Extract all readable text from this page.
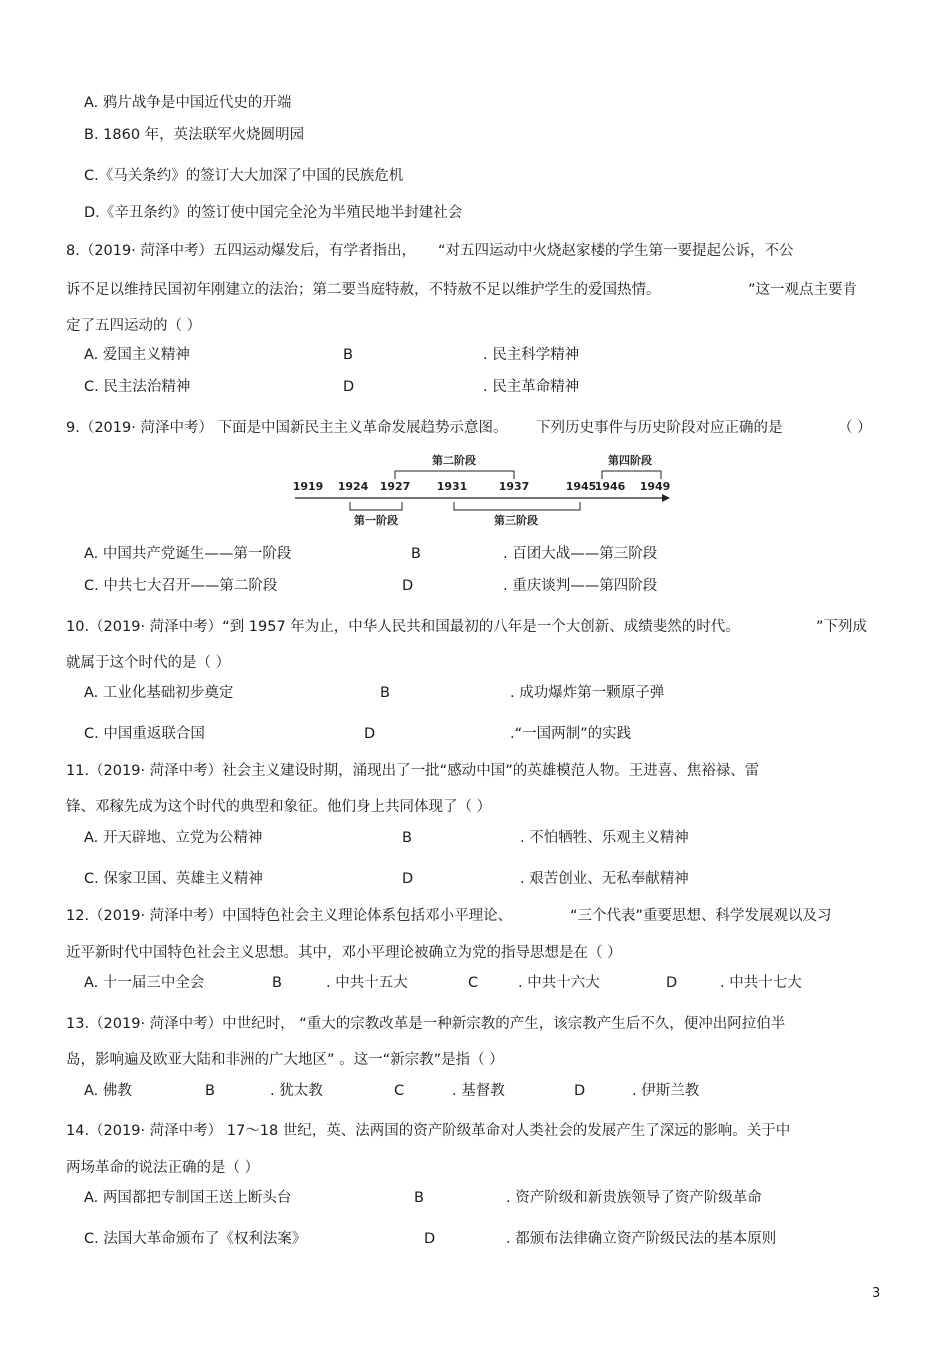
A. 鸦片战争是中国近代史的开端
B. 1860 年，英法联军火烧圆明园
C.《马关条约》的签订大大加深了中国的民族危机
D.《辛丑条约》的签订使中国完全沦为半殖民地半封建社会
8.（2019· 菏泽中考）五四运动爆发后，有学者指出， “对五四运动中火烧赵家楼的学生第一要提起公诉，不公
诉不足以维持民国初年刚建立的法治；第二要当庭特赦，不特赦不足以维护学生的爱国热情。	”这一观点主要肯
定了五四运动的（ ）
A. 爱国主义精神	B	. 民主科学精神
C. 民主法治精神	D	. 民主革命精神
9.（2019· 菏泽中考） 下面是中国新民主主义革命发展趋势示意图。 下列历史事件与历史阶段对应正确的是	（ ）
1919 1924 1927 1931	1937	1945
1946 1949
第二阶段	第四阶段
第一阶段	第三阶段
A. 中国共产党诞生——第一阶段	B	. 百团大战——第三阶段
C. 中共七大召开——第二阶段	D	. 重庆谈判——第四阶段
10.（2019· 菏泽中考）“到 1957 年为止，中华人民共和国最初的八年是一个大创新、成绩斐然的时代。	”下列成
就属于这个时代的是（ ）
A. 工业化基础初步奠定	B	. 成功爆炸第一颗原子弹
C. 中国重返联合国	D	.“一国两制”的实践
11.（2019· 菏泽中考）社会主义建设时期，涌现出了一批“感动中国”的英雄模范人物。王进喜、焦裕禄、雷
锋、邓稼先成为这个时代的典型和象征。他们身上共同体现了（ ）
A. 开天辟地、立党为公精神	B	. 不怕牺牲、乐观主义精神
C. 保家卫国、英雄主义精神	D	. 艰苦创业、无私奉献精神
12.（2019· 菏泽中考）中国特色社会主义理论体系包括邓小平理论、	“三个代表”重要思想、科学发展观以及习
近平新时代中国特色社会主义思想。其中，邓小平理论被确立为党的指导思想是在（ ）
A. 十一届三中全会	B	. 中共十五大	C	. 中共十六大	D	. 中共十七大
13.（2019· 菏泽中考）中世纪时， “重大的宗教改革是一种新宗教的产生，该宗教产生后不久，便冲出阿拉伯半
岛，影响遍及欧亚大陆和非洲的广大地区” 。这一“新宗教”是指（ ）
A. 佛教	B	. 犹太教	C	. 基督教	D	. 伊斯兰教
14.（2019· 菏泽中考） 17～18 世纪，英、法两国的资产阶级革命对人类社会的发展产生了深远的影响。关于中
两场革命的说法正确的是（ ）
A. 两国都把专制国王送上断头台	B	. 资产阶级和新贵族领导了资产阶级革命
C. 法国大革命颁布了《权利法案》	D	. 都颁布法律确立资产阶级民法的基本原则
3
